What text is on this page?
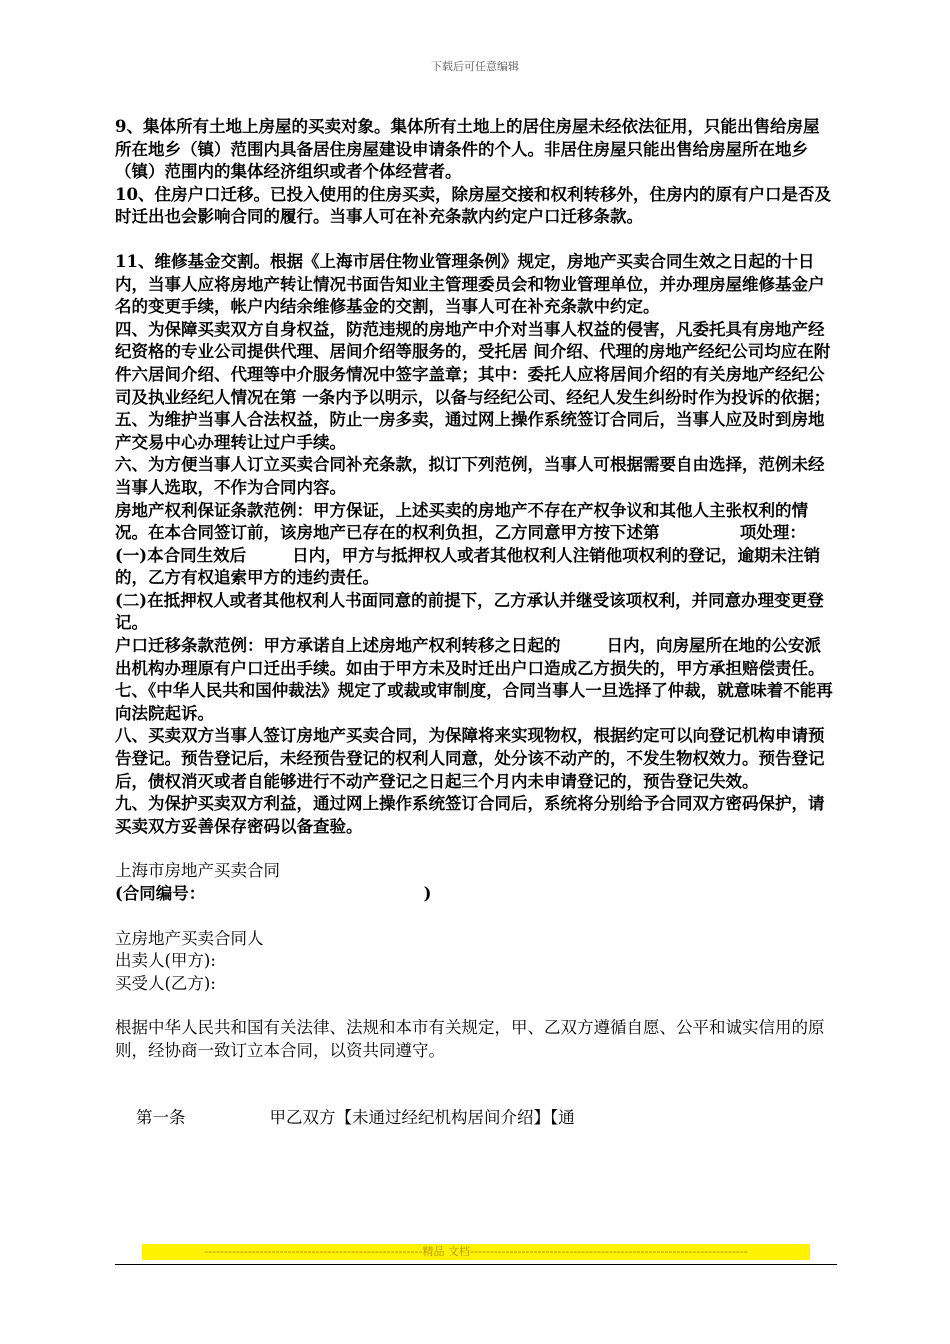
下载后可任意编辑

9、集体所有土地上房屋的买卖对象。集体所有土地上的居住房屋未经依法征用，只能出售给房屋所在地乡（镇）范围内具备居住房屋建设申请条件的个人。非居住房屋只能出售给房屋所在地乡（镇）范围内的集体经济组织或者个体经营者。

10、住房户口迁移。已投入使用的住房买卖，除房屋交接和权利转移外，住房内的原有户口是否及时迁出也会影响合同的履行。当事人可在补充条款内约定户口迁移条款。

11、维修基金交割。根据《上海市居住物业管理条例》规定，房地产买卖合同生效之日起的十日内，当事人应将房地产转让情况书面告知业主管理委员会和物业管理单位，并办理房屋维修基金户名的变更手续，帐户内结余维修基金的交割，当事人可在补充条款中约定。

四、为保障买卖双方自身权益，防范违规的房地产中介对当事人权益的侵害，凡委托具有房地产经纪资格的专业公司提供代理、居间介绍等服务的，受托居 间介绍、代理的房地产经纪公司均应在附件六居间介绍、代理等中介服务情况中签字盖章；其中：委托人应将居间介绍的有关房地产经纪公司及执业经纪人情况在第 一条内予以明示，以备与经纪公司、经纪人发生纠纷时作为投诉的依据；

五、为维护当事人合法权益，防止一房多卖，通过网上操作系统签订合同后，当事人应及时到房地产交易中心办理转让过户手续。

六、为方便当事人订立买卖合同补充条款，拟订下列范例，当事人可根据需要自由选择，范例未经当事人选取，不作为合同内容。

房地产权利保证条款范例：甲方保证，上述买卖的房地产不存在产权争议和其他人主张权利的情况。在本合同签订前，该房地产已存在的权利负担，乙方同意甲方按下述第              项处理：

(一)本合同生效后        日内，甲方与抵押权人或者其他权利人注销他项权利的登记，逾期未注销的，乙方有权追索甲方的违约责任。

(二)在抵押权人或者其他权利人书面同意的前提下，乙方承认并继受该项权利，并同意办理变更登记。

户口迁移条款范例：甲方承诺自上述房地产权利转移之日起的        日内，向房屋所在地的公安派出机构办理原有户口迁出手续。如由于甲方未及时迁出户口造成乙方损失的，甲方承担赔偿责任。

七、《中华人民共和国仲裁法》规定了或裁或审制度，合同当事人一旦选择了仲裁，就意味着不能再向法院起诉。

八、买卖双方当事人签订房地产买卖合同，为保障将来实现物权，根据约定可以向登记机构申请预告登记。预告登记后，未经预告登记的权利人同意，处分该不动产的，不发生物权效力。预告登记后，债权消灭或者自能够进行不动产登记之日起三个月内未申请登记的，预告登记失效。

九、为保护买卖双方利益，通过网上操作系统签订合同后，系统将分别给予合同双方密码保护，请买卖双方妥善保存密码以备查验。

上海市房地产买卖合同

(合同编号：                                      )

立房地产买卖合同人

出卖人(甲方):

买受人(乙方):

根据中华人民共和国有关法律、法规和本市有关规定，甲、乙双方遵循自愿、公平和诚实信用的原则，经协商一致订立本合同，以资共同遵守。

第一条	甲乙双方【未通过经纪机构居间介绍】【通

-------------------------------------------------------精品 文档----------------------------------------------------------------------
